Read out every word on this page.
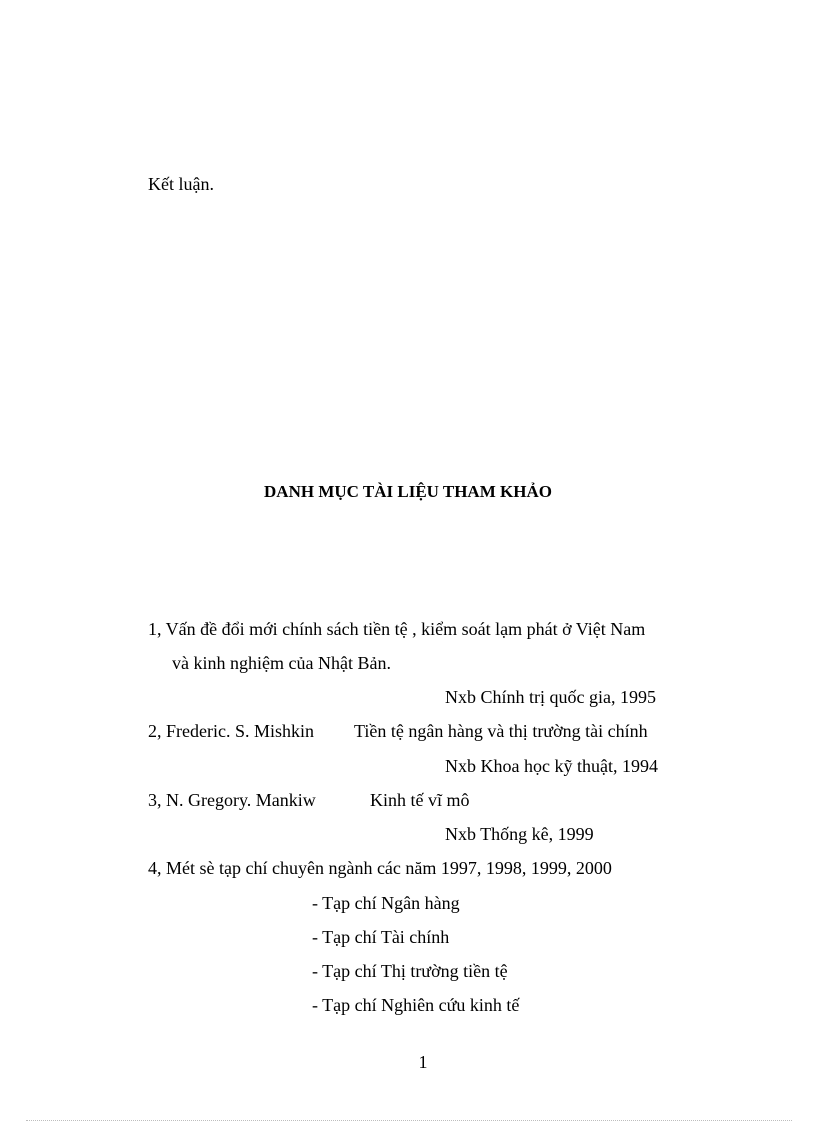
Kết luận.
DANH MỤC TÀI LIỆU THAM KHẢO
1, Vấn đề đổi mới chính sách tiền tệ , kiểm soát lạm phát ở Việt Nam
và kinh nghiệm của Nhật Bản.
Nxb Chính trị quốc gia, 1995
2, Frederic. S. Mishkin Tiền tệ ngân hàng và thị trường tài chính
Nxb Khoa học kỹ thuật, 1994
3, N. Gregory. Mankiw	Kinh tế vĩ mô
Nxb Thống kê, 1999
4, Mét sè tạp chí chuyên ngành các năm 1997, 1998, 1999, 2000
- Tạp chí Ngân hàng
- Tạp chí Tài chính
- Tạp chí Thị trường tiền tệ
- Tạp chí Nghiên cứu kinh tế
1
